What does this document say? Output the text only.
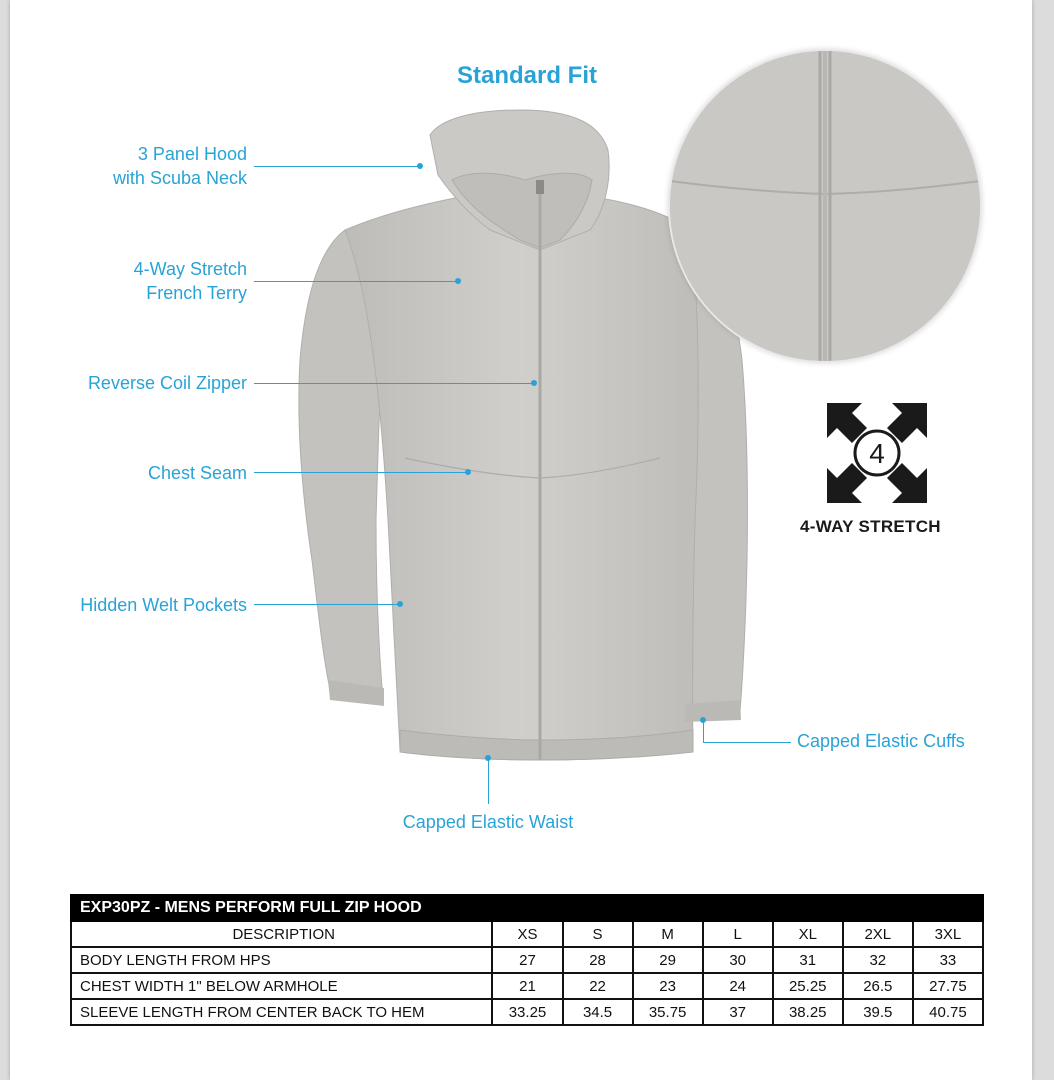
Standard Fit
4
4-WAY STRETCH
3 Panel Hood
with Scuba Neck
4-Way Stretch
French Terry
Reverse Coil Zipper
Chest Seam
Hidden Welt Pockets
Capped Elastic Cuffs
Capped Elastic Waist
EXP30PZ - MENS PERFORM FULL ZIP HOOD							
DESCRIPTION	XS	S	M	L	XL	2XL	3XL
BODY LENGTH FROM HPS	27	28	29	30	31	32	33
CHEST WIDTH 1" BELOW ARMHOLE	21	22	23	24	25.25	26.5	27.75
SLEEVE LENGTH FROM CENTER BACK TO HEM	33.25	34.5	35.75	37	38.25	39.5	40.75
